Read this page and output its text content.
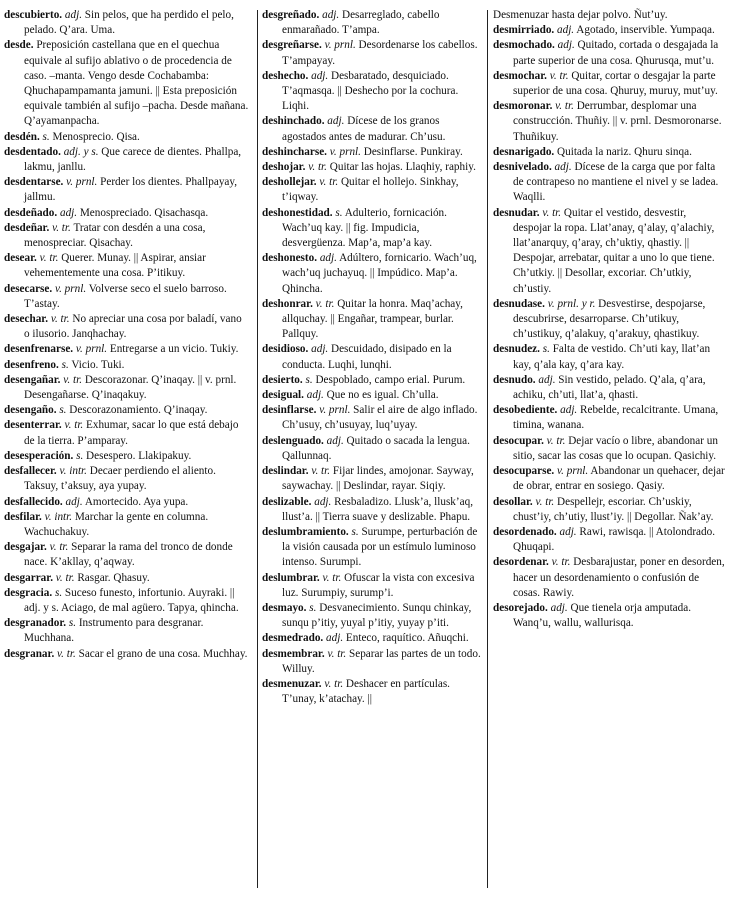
descubierto. adj. Sin pelos, que ha perdido el pelo, pelado. Q’ara. Uma.

desde. Preposición castellana que en el quechua equivale al sufijo ablativo o de procedencia de caso. –manta. Vengo desde Cochabamba: Qhuchapampamanta jamuni. || Esta preposición equivale también al sufijo –pacha. Desde mañana. Q’ayamanpacha.

desdén. s. Menosprecio. Qisa.

desdentado. adj. y s. Que carece de dientes. Phallpa, lakmu, janllu.

desdentarse. v. prnl. Perder los dientes. Phallpayay, jallmu.

desdeñado. adj. Menospreciado. Qisachasqa.

desdeñar. v. tr. Tratar con desdén a una cosa, menospreciar. Qisachay.

desear. v. tr. Querer. Munay. || Aspirar, ansiar vehementemente una cosa. P’itikuy.

desecarse. v. prnl. Volverse seco el suelo barroso. T’astay.

desechar. v. tr. No apreciar una cosa por baladí, vano o ilusorio. Janqhachay.

desenfrenarse. v. prnl. Entregarse a un vicio. Tukiy.

desenfreno. s. Vicio. Tuki.

desengañar. v. tr. Descorazonar. Q’inaqay. || v. prnl. Desengañarse. Q’inaqakuy.

desengaño. s. Descorazonamiento. Q’inaqay.

desenterrar. v. tr. Exhumar, sacar lo que está debajo de la tierra. P’amparay.

desesperación. s. Desespero. Llakipakuy.

desfallecer. v. intr. Decaer perdiendo el aliento. Taksuy, t’aksuy, aya yupay.

desfallecido. adj. Amortecido. Aya yupa.

desfilar. v. intr. Marchar la gente en columna. Wachuchakuy.

desgajar. v. tr. Separar la rama del tronco de donde nace. K’akllay, q’aqway.

desgarrar. v. tr. Rasgar. Qhasuy.

desgracia. s. Suceso funesto, infortunio. Auyraki. || adj. y s. Aciago, de mal agüero. Tapya, qhincha.

desgranador. s. Instrumento para desgranar. Muchhana.

desgranar. v. tr. Sacar el grano de una cosa. Muchhay.

desgreñado. adj. Desarreglado, cabello enmarañado. T’ampa.

desgreñarse. v. prnl. Desordenarse los cabellos. T’ampayay.

deshecho. adj. Desbaratado, desquiciado. T’aqmasqa. || Deshecho por la cochura. Liqhi.

deshinchado. adj. Dícese de los granos agostados antes de madurar. Ch’usu.

deshincharse. v. prnl. Desinflarse. Punkiray.

deshojar. v. tr. Quitar las hojas. Llaqhiy, raphiy.

deshollejar. v. tr. Quitar el hollejo. Sinkhay, t’iqway.

deshonestidad. s. Adulterio, fornicación. Wach’uq kay. || fig. Impudicia, desvergüenza. Map’a, map’a kay.

deshonesto. adj. Adúltero, fornicario. Wach’uq, wach’uq juchayuq. || Impúdico. Map’a. Qhincha.

deshonrar. v. tr. Quitar la honra. Maq’achay, allquchay. || Engañar, trampear, burlar. Pallquy.

desidioso. adj. Descuidado, disipado en la conducta. Luqhi, lunqhi.

desierto. s. Despoblado, campo erial. Purum.

desigual. adj. Que no es igual. Ch’ulla.

desinflarse. v. prnl. Salir el aire de algo inflado. Ch’usuy, ch’usuyay, luq’uyay.

deslenguado. adj. Quitado o sacada la lengua. Qallunnaq.

deslindar. v. tr. Fijar lindes, amojonar. Sayway, saywachay. || Deslindar, rayar. Siqiy.

deslizable. adj. Resbaladizo. Llusk’a, llusk’aq, llust’a. || Tierra suave y deslizable. Phapu.

deslumbramiento. s. Surumpe, perturbación de la visión causada por un estímulo luminoso intenso. Surumpi.

deslumbrar. v. tr. Ofuscar la vista con excesiva luz. Surumpiy, surump’i.

desmayo. s. Desvanecimiento. Sunqu chinkay, sunqu p’itiy, yuyal p’itiy, yuyay p’iti.

desmedrado. adj. Enteco, raquítico. Añuqchi.

desmembrar. v. tr. Separar las partes de un todo. Willuy.

desmenuzar. v. tr. Deshacer en partículas. T’unay, k’atachay. ||

Desmenuzar hasta dejar polvo. Ñut’uy.

desmirriado. adj. Agotado, inservible. Yumpaqa.

desmochado. adj. Quitado, cortada o desgajada la parte superior de una cosa. Qhurusqa, mut’u.

desmochar. v. tr. Quitar, cortar o desgajar la parte superior de una cosa. Qhuruy, muruy, mut’uy.

desmoronar. v. tr. Derrumbar, desplomar una construcción. Thuñiy. || v. prnl. Desmoronarse. Thuñikuy.

desnarigado. Quitada la nariz. Qhuru sinqa.

desnivelado. adj. Dícese de la carga que por falta de contrapeso no mantiene el nivel y se ladea. Waqlli.

desnudar. v. tr. Quitar el vestido, desvestir, despojar la ropa. Llat’anay, q’alay, q’alachiy, llat’anarquy, q’aray, ch’uktiy, qhastiy. || Despojar, arrebatar, quitar a uno lo que tiene. Ch’utkiy. || Desollar, excoriar. Ch’utkiy, ch’ustiy.

desnudase. v. prnl. y r. Desvestirse, despojarse, descubrirse, desarroparse. Ch’utikuy, ch’ustikuy, q’alakuy, q’arakuy, qhastikuy.

desnudez. s. Falta de vestido. Ch’uti kay, llat’an kay, q’ala kay, q’ara kay.

desnudo. adj. Sin vestido, pelado. Q’ala, q’ara, achiku, ch’uti, llat’a, qhasti.

desobediente. adj. Rebelde, recalcitrante. Umana, timina, wanana.

desocupar. v. tr. Dejar vacío o libre, abandonar un sitio, sacar las cosas que lo ocupan. Qasichiy.

desocuparse. v. prnl. Abandonar un quehacer, dejar de obrar, entrar en sosiego. Qasiy.

desollar. v. tr. Despellejr, escoriar. Ch’uskiy, chust’iy, ch’utiy, llust’iy. || Degollar. Ñak’ay.

desordenado. adj. Rawi, rawisqa. || Atolondrado. Qhuqapi.

desordenar. v. tr. Desbarajustar, poner en desorden, hacer un desordenamiento o confusión de cosas. Rawiy.

desorejado. adj. Que tienela orja amputada. Wanq’u, wallu, wallurisqa.
